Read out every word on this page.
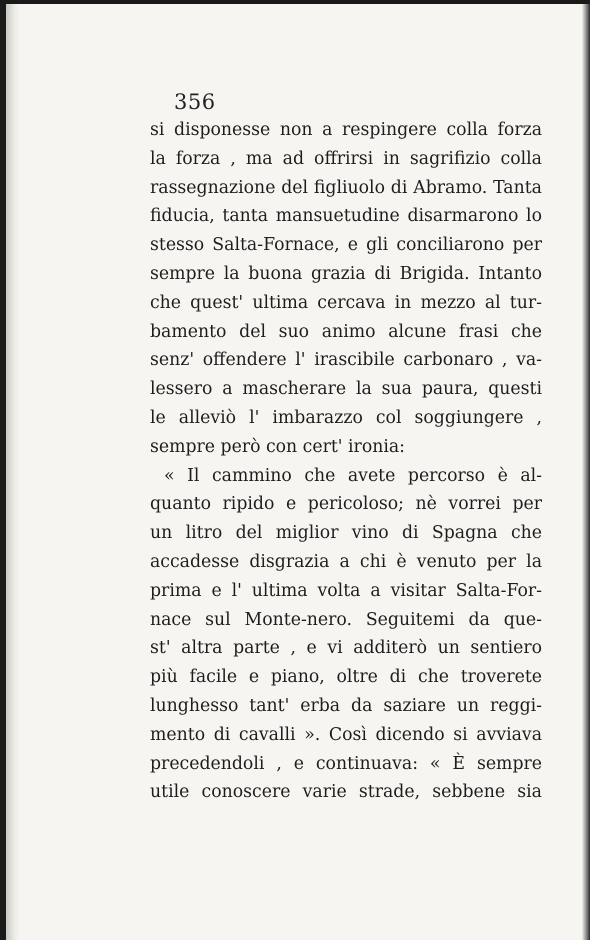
356
si disponesse non a respingere colla forza
la forza , ma ad offrirsi in sagrifizio colla
rassegnazione del figliuolo di Abramo. Tanta
fiducia, tanta mansuetudine disarmarono lo
stesso Salta-Fornace, e gli conciliarono per
sempre la buona grazia di Brigida. Intanto
che quest' ultima cercava in mezzo al tur-
bamento del suo animo alcune frasi che
senz' offendere l' irascibile carbonaro , va-
lessero a mascherare la sua paura, questi
le alleviò l' imbarazzo col soggiungere ,
sempre però con cert' ironia:
« Il cammino che avete percorso è al-
quanto ripido e pericoloso; nè vorrei per
un litro del miglior vino di Spagna che
accadesse disgrazia a chi è venuto per la
prima e l' ultima volta a visitar Salta-For-
nace sul Monte-nero. Seguitemi da que-
st' altra parte , e vi additerò un sentiero
più facile e piano, oltre di che troverete
lunghesso tant' erba da saziare un reggi-
mento di cavalli ». Così dicendo si avviava
precedendoli , e continuava: « È sempre
utile conoscere varie strade, sebbene sia
